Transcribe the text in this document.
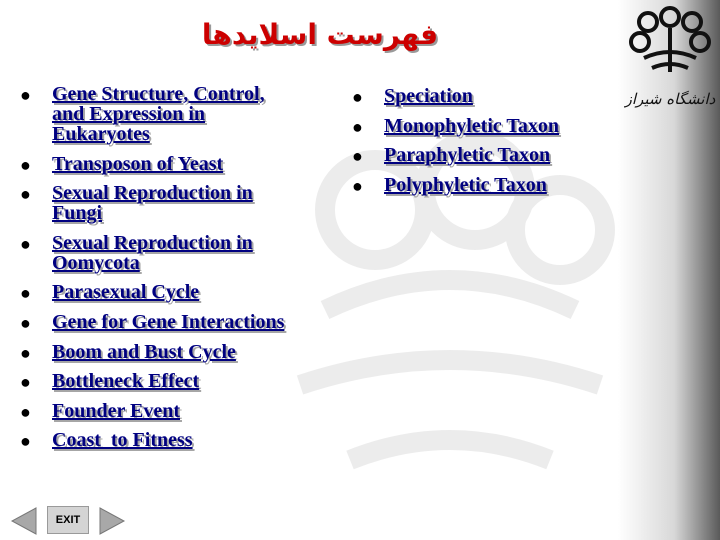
دانشگاه شیراز
فهرست اسلایدها
● Gene Structure, Control,
and Expression in
Eukaryotes
● Transposon of Yeast
● Sexual Reproduction in
Fungi
● Sexual Reproduction in
Oomycota
● Parasexual Cycle
● Gene for Gene Interactions
● Boom and Bust Cycle
● Bottleneck Effect
● Founder Event
● Coast  to Fitness
● Speciation
● Monophyletic Taxon
● Paraphyletic Taxon
● Polyphyletic Taxon
EXIT
